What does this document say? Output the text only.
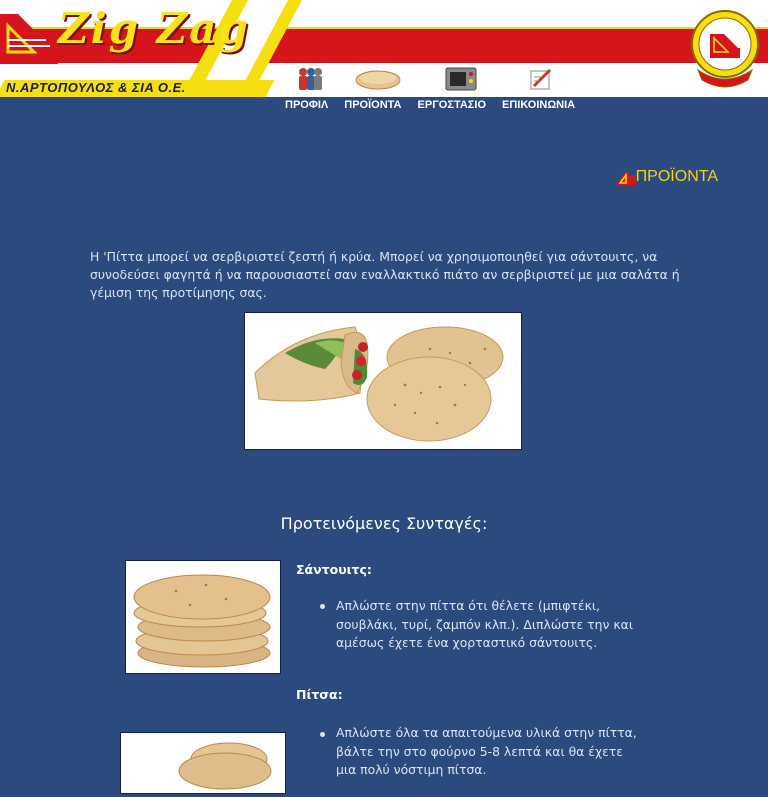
Zig Zag
Ν.ΑΡΤΟΠΟΥΛΟΣ & ΣΙΑ Ο.Ε.
ΠΡΟΦΙΛ ΠΡΟΪΟΝΤΑ ΕΡΓΟΣΤΑΣΙΟ ΕΠΙΚΟΙΝΩΝΙΑ
ΠΡΟΪΟΝΤΑ

Η 'Πίττα μπορεί να σερβιριστεί ζεστή ή κρύα. Μπορεί να χρησιμοποιηθεί για σάντουιτς, να συνοδεύσει φαγητά ή να παρουσιαστεί σαν εναλλακτικό πιάτο αν σερβιριστεί με μια σαλάτα ή γέμιση της προτίμησης σας.

Προτεινόμενες Συνταγές:
Σάντουιτς:

Απλώστε στην πίττα ότι θέλετε (μπιφτέκι, σουβλάκι, τυρί, ζαμπόν κλπ.). Διπλώστε την και αμέσως έχετε ένα χορταστικό σάντουιτς.

Πίτσα:

Απλώστε όλα τα απαιτούμενα υλικά στην πίττα, βάλτε την στο φούρνο 5-8 λεπτά και θα έχετε μια πολύ νόστιμη πίτσα.
